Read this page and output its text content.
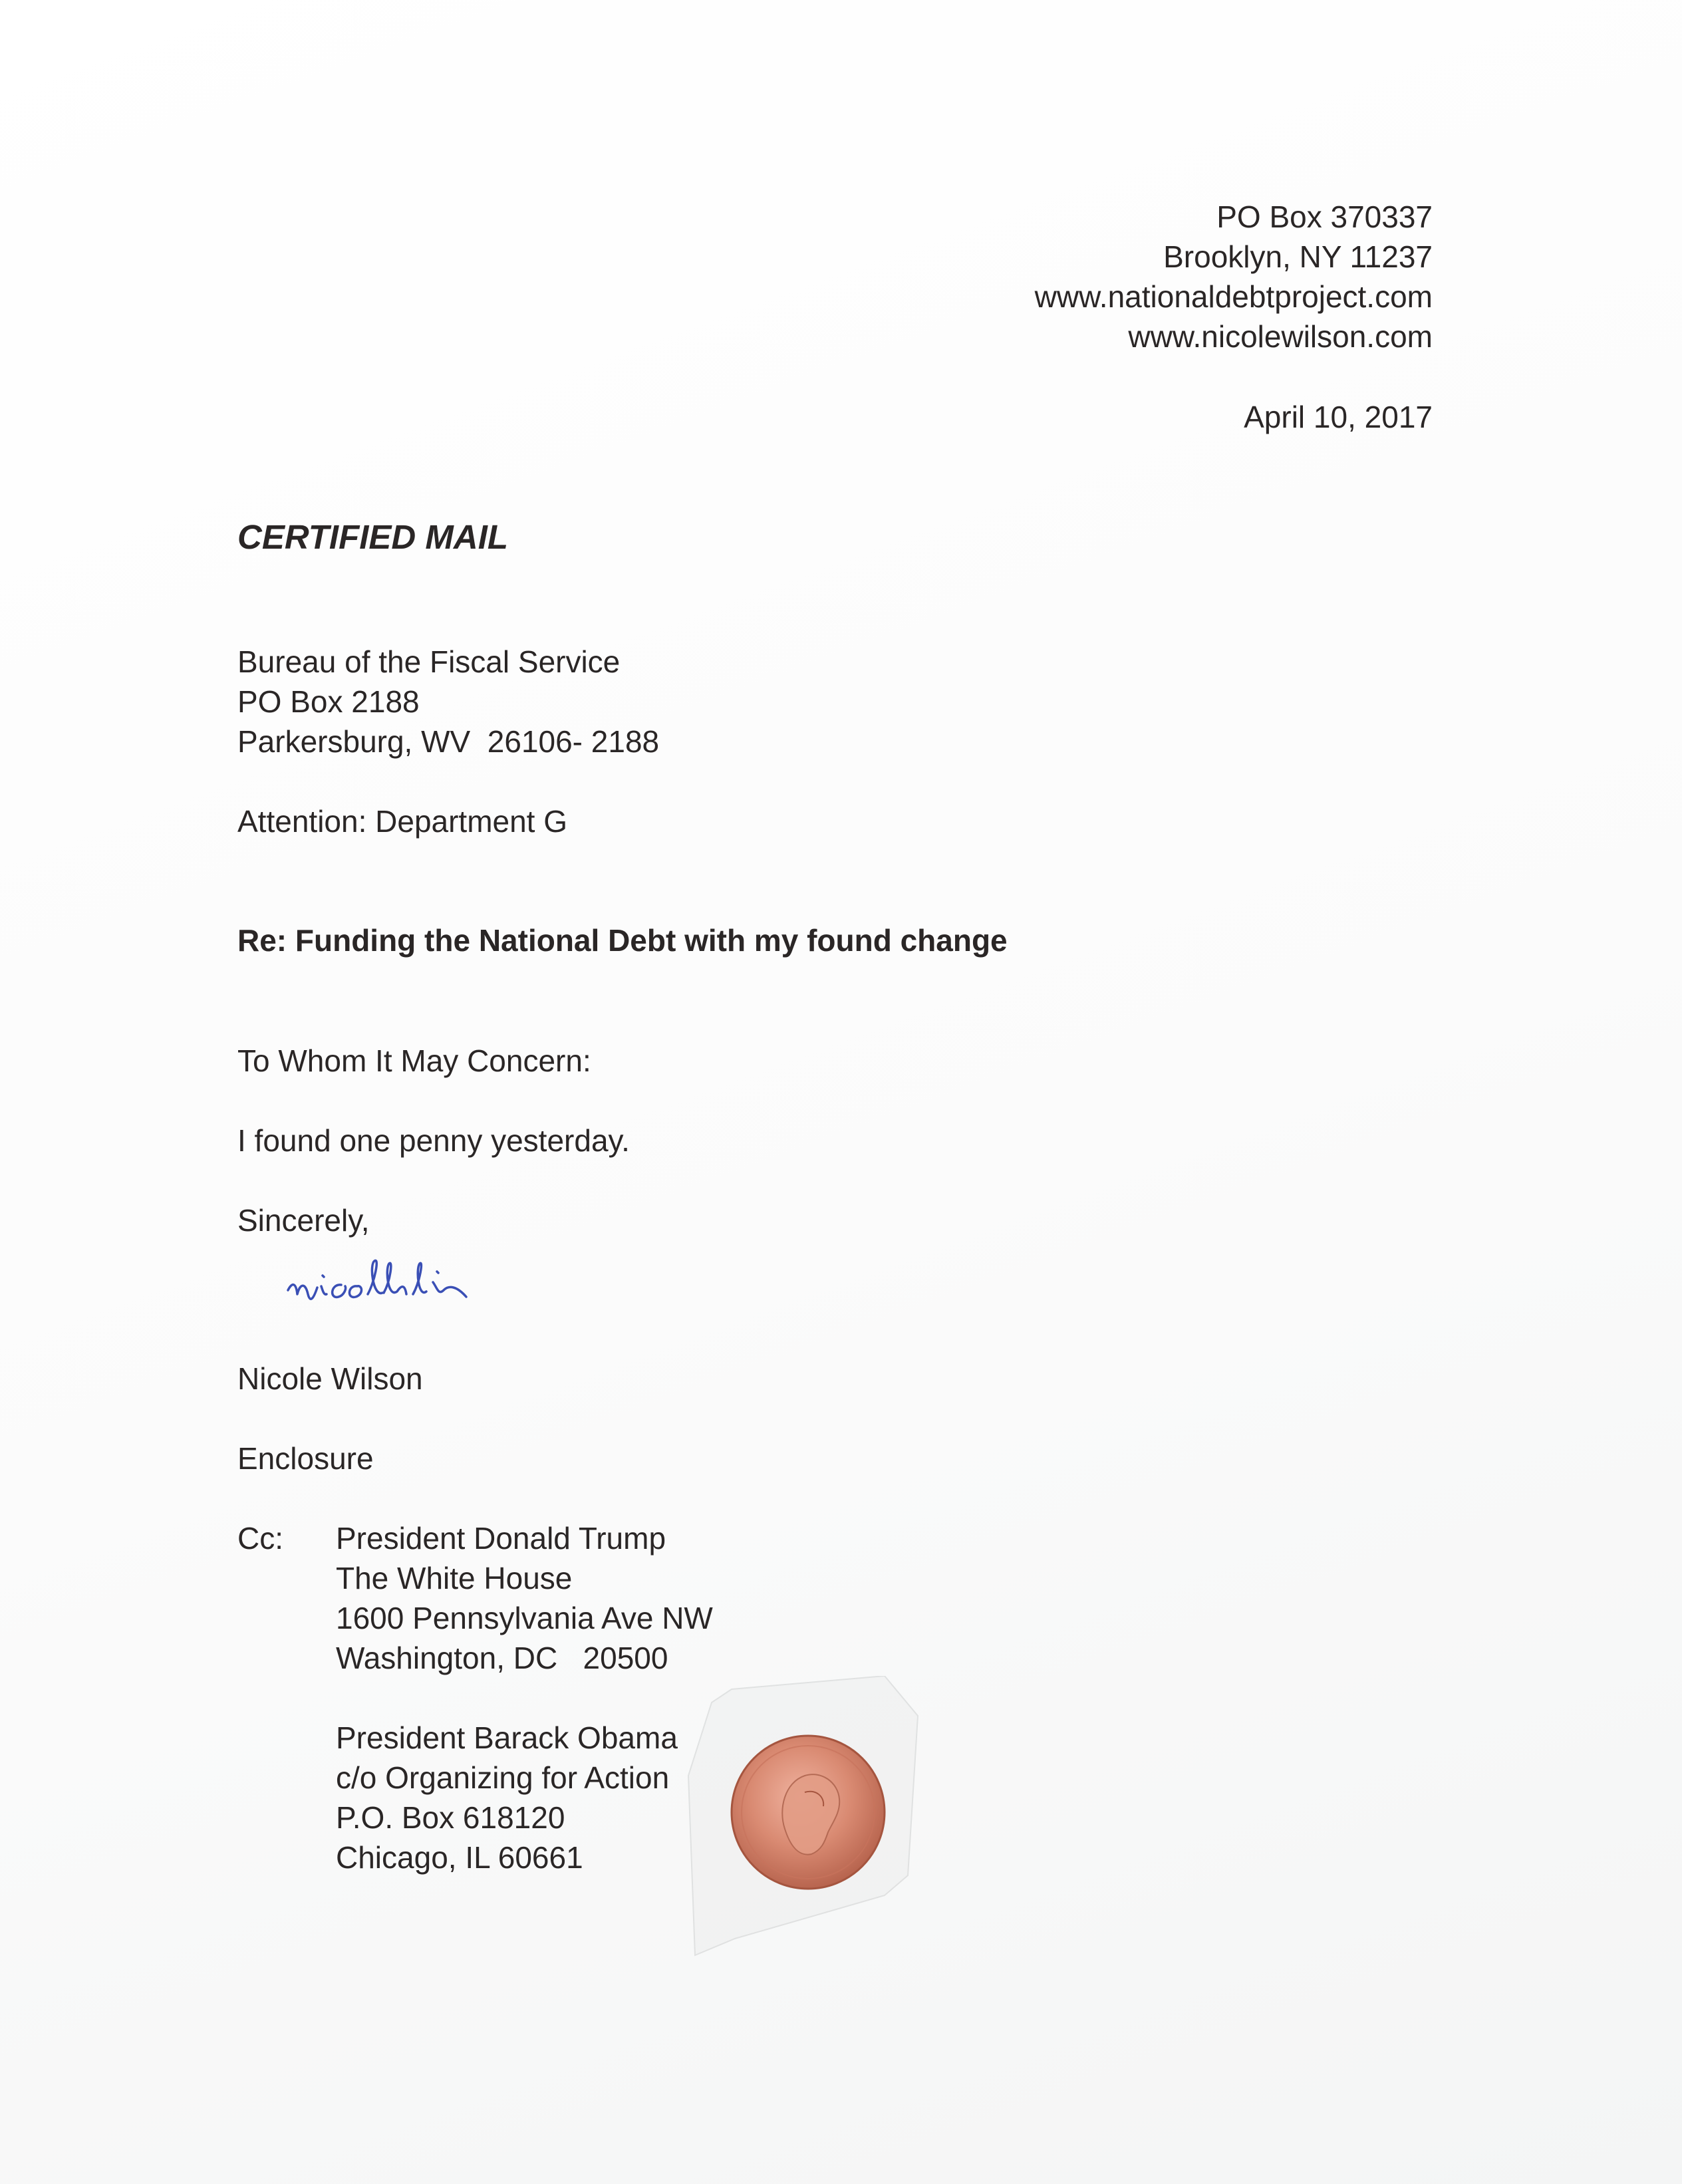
PO Box 370337
Brooklyn, NY 11237
www.nationaldebtproject.com
www.nicolewilson.com
April 10, 2017
CERTIFIED MAIL
Bureau of the Fiscal Service
PO Box 2188
Parkersburg, WV  26106- 2188
Attention: Department G
Re: Funding the National Debt with my found change
To Whom It May Concern:
I found one penny yesterday.
Sincerely,
Nicole Wilson
Enclosure
Cc: President Donald Trump
The White House
1600 Pennsylvania Ave NW
Washington, DC   20500
President Barack Obama
c/o Organizing for Action
P.O. Box 618120
Chicago, IL 60661
